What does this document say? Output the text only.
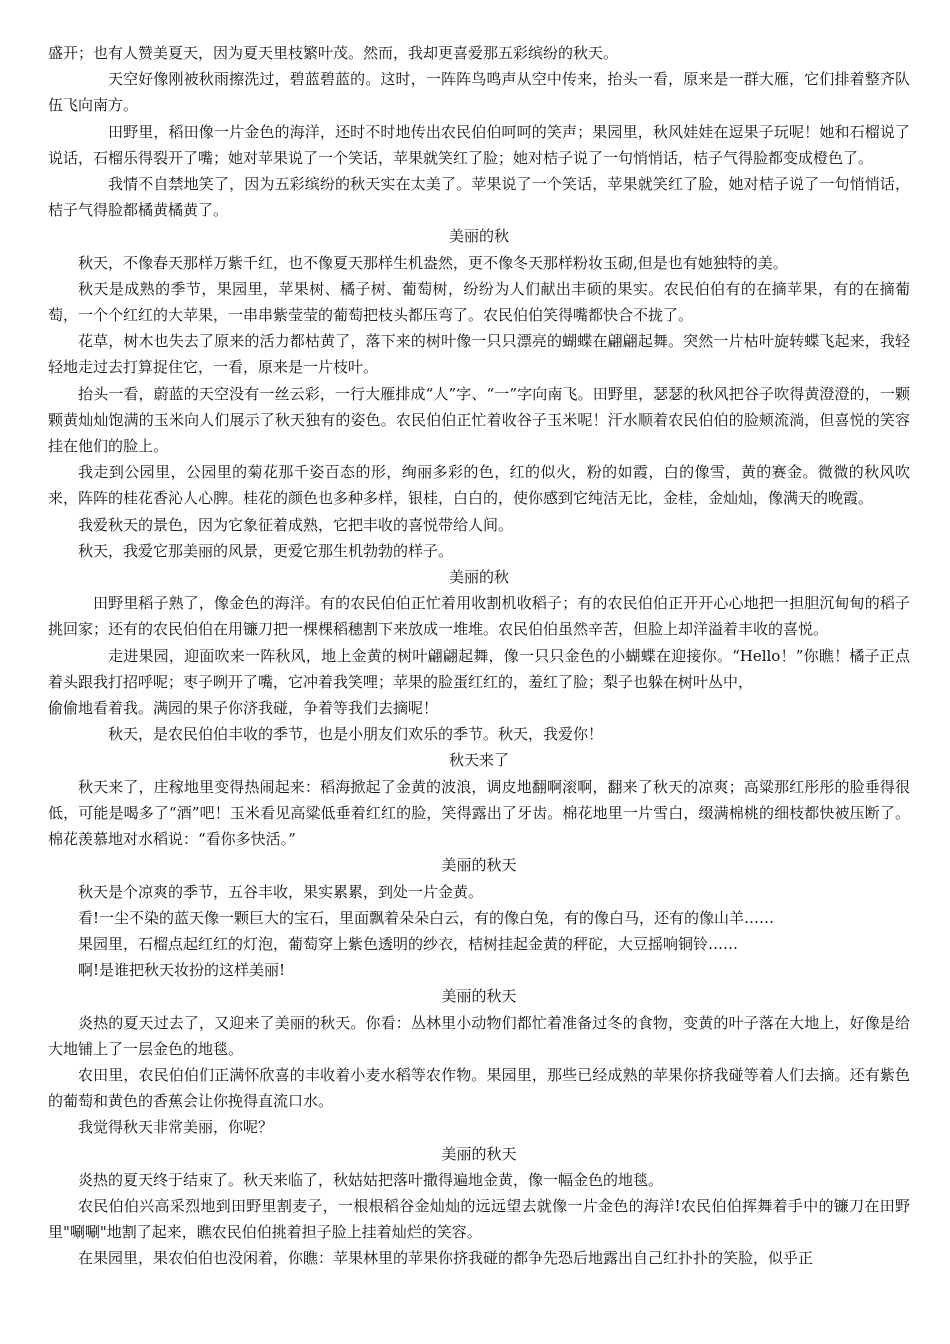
盛开；也有人赞美夏天，因为夏天里枝繁叶茂。然而，我却更喜爱那五彩缤纷的秋天。

天空好像刚被秋雨擦洗过，碧蓝碧蓝的。这时，一阵阵鸟鸣声从空中传来，抬头一看，原来是一群大雁，它们排着整齐队伍飞向南方。

田野里，稻田像一片金色的海洋，还时不时地传出农民伯伯呵呵的笑声；果园里，秋风娃娃在逗果子玩呢！她和石榴说了说话，石榴乐得裂开了嘴；她对苹果说了一个笑话，苹果就笑红了脸；她对桔子说了一句悄悄话，桔子气得脸都变成橙色了。

我情不自禁地笑了，因为五彩缤纷的秋天实在太美了。苹果说了一个笑话，苹果就笑红了脸，她对桔子说了一句悄悄话，桔子气得脸都橘黄橘黄了。

美丽的秋

秋天，不像春天那样万紫千红，也不像夏天那样生机盎然，更不像冬天那样粉妆玉砌,但是也有她独特的美。

秋天是成熟的季节，果园里，苹果树、橘子树、葡萄树，纷纷为人们献出丰硕的果实。农民伯伯有的在摘苹果，有的在摘葡萄，一个个红红的大苹果，一串串紫莹莹的葡萄把枝头都压弯了。农民伯伯笑得嘴都快合不拢了。

花草，树木也失去了原来的活力都枯黄了，落下来的树叶像一只只漂亮的蝴蝶在翩翩起舞。突然一片枯叶旋转蝶飞起来，我轻轻地走过去打算捉住它，一看，原来是一片枝叶。

抬头一看，蔚蓝的天空没有一丝云彩，一行大雁排成“人”字、“一”字向南飞。田野里，瑟瑟的秋风把谷子吹得黄澄澄的，一颗颗黄灿灿饱满的玉米向人们展示了秋天独有的姿色。农民伯伯正忙着收谷子玉米呢！汗水顺着农民伯伯的脸颊流淌，但喜悦的笑容挂在他们的脸上。

我走到公园里，公园里的菊花那千姿百态的形，绚丽多彩的色，红的似火，粉的如霞，白的像雪，黄的赛金。微微的秋风吹来，阵阵的桂花香沁人心脾。桂花的颜色也多种多样，银桂，白白的，使你感到它纯洁无比，金桂，金灿灿，像满天的晚霞。

我爱秋天的景色，因为它象征着成熟，它把丰收的喜悦带给人间。

秋天，我爱它那美丽的风景，更爱它那生机勃勃的样子。

美丽的秋

田野里稻子熟了，像金色的海洋。有的农民伯伯正忙着用收割机收稻子；有的农民伯伯正开开心心地把一担胆沉甸甸的稻子挑回家；还有的农民伯伯在用镰刀把一棵棵稻穗割下来放成一堆堆。农民伯伯虽然辛苦，但脸上却洋溢着丰收的喜悦。

走进果园，迎面吹来一阵秋风，地上金黄的树叶翩翩起舞，像一只只金色的小蝴蝶在迎接你。“Hello！”你瞧！橘子正点着头跟我打招呼呢；枣子咧开了嘴，它冲着我笑哩；苹果的脸蛋红红的，羞红了脸；梨子也躲在树叶丛中，

偷偷地看着我。满园的果子你济我碰，争着等我们去摘呢！

秋天，是农民伯伯丰收的季节，也是小朋友们欢乐的季节。秋天，我爱你！

秋天来了

秋天来了，庄稼地里变得热闹起来：稻海掀起了金黄的波浪，调皮地翻啊滚啊，翻来了秋天的凉爽；高粱那红彤彤的脸垂得很低，可能是喝多了“酒”吧！玉米看见高粱低垂着红红的脸，笑得露出了牙齿。棉花地里一片雪白，缀满棉桃的细枝都快被压断了。棉花羡慕地对水稻说：“看你多快活。”

美丽的秋天

秋天是个凉爽的季节，五谷丰收，果实累累，到处一片金黄。

看!一尘不染的蓝天像一颗巨大的宝石，里面飘着朵朵白云，有的像白兔，有的像白马，还有的像山羊……

果园里，石榴点起红红的灯泡，葡萄穿上紫色透明的纱衣，桔树挂起金黄的秤砣，大豆摇响铜铃……

啊!是谁把秋天妆扮的这样美丽!

美丽的秋天

炎热的夏天过去了，又迎来了美丽的秋天。你看：丛林里小动物们都忙着准备过冬的食物，变黄的叶子落在大地上，好像是给大地铺上了一层金色的地毯。

农田里，农民伯伯们正满怀欣喜的丰收着小麦水稻等农作物。果园里，那些已经成熟的苹果你挤我碰等着人们去摘。还有紫色的葡萄和黄色的香蕉会让你挽得直流口水。

我觉得秋天非常美丽，你呢？

美丽的秋天

炎热的夏天终于结束了。秋天来临了，秋姑姑把落叶撒得遍地金黄，像一幅金色的地毯。

农民伯伯兴高采烈地到田野里割麦子，一根根稻谷金灿灿的远远望去就像一片金色的海洋!农民伯伯挥舞着手中的镰刀在田野里"唰唰"地割了起来，瞧农民伯伯挑着担子脸上挂着灿烂的笑容。

在果园里，果农伯伯也没闲着，你瞧：苹果林里的苹果你挤我碰的都争先恐后地露出自己红扑扑的笑脸，似乎正
